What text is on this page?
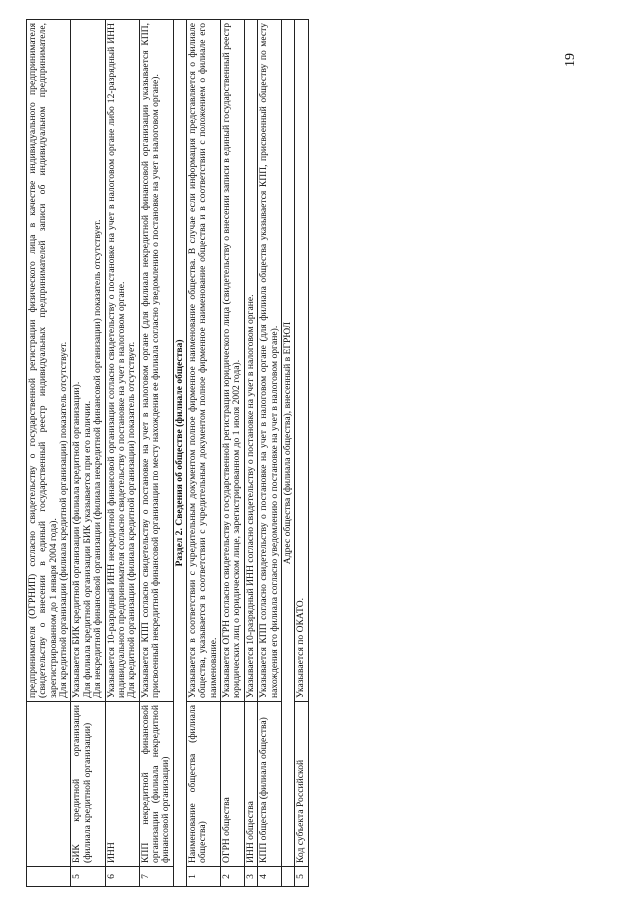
19

		предпринимателя (ОГРНИП) согласно свидетельству о государственной регистрации физического лица в качестве индивидуального предпринимателя (свидетельству о внесении в единый государственный реестр индивидуальных предпринимателей записи об индивидуальном предпринимателе, зарегистрированном до 1 января 2004 года). Для кредитной организации (филиала кредитной организации) показатель отсутствует.

5	БИК кредитной организации (филиала кредитной организации)	Указывается БИК кредитной организации (филиала кредитной организации). Для филиала кредитной организации БИК указывается при его наличии. Для некредитной финансовой организации (филиала некредитной финансовой организации) показатель отсутствует.

6	ИНН	Указывается 10-разрядный ИНН некредитной финансовой организации согласно свидетельству о постановке на учет в налоговом органе либо 12-разрядный ИНН индивидуального предпринимателя согласно свидетельству о постановке на учет в налоговом органе. Для кредитной организации (филиала кредитной организации) показатель отсутствует.

7	КПП некредитной финансовой организации (филиала некредитной финансовой организации)	Указывается КПП согласно свидетельству о постановке на учет в налоговом органе (для филиала некредитной финансовой организации указывается КПП, присвоенный некредитной финансовой организации по месту нахождения ее филиала согласно уведомлению о постановке на учет в налоговом органе).

Раздел 2. Сведения об обществе (филиале общества)		
1	Наименование общества (филиала общества)	Указывается в соответствии с учредительным документом полное фирменное наименование общества. В случае если информация представляется о филиале общества, указывается в соответствии с учредительным документом полное фирменное наименование общества и в соответствии с положением о филиале его наименование.

2	ОГРН общества	Указывается ОГРН согласно свидетельству о государственной регистрации юридического лица (свидетельству о внесении записи в единый государственный реестр юридических лиц о юридическом лице, зарегистрированном до 1 июля 2002 года).

3	ИНН общества	Указывается 10-разрядный ИНН согласно свидетельству о постановке на учет в налоговом органе.

4	КПП общества (филиала общества)	Указывается КПП согласно свидетельству о постановке на учет в налоговом органе (для филиала общества указывается КПП, присвоенный обществу по месту нахождения его филиала согласно уведомлению о постановке на учет в налоговом органе).

	Адрес общества (филиала общества), внесенный в ЕГРЮЛ	
5	Код субъекта Российской	Указывается по ОКАТО.
